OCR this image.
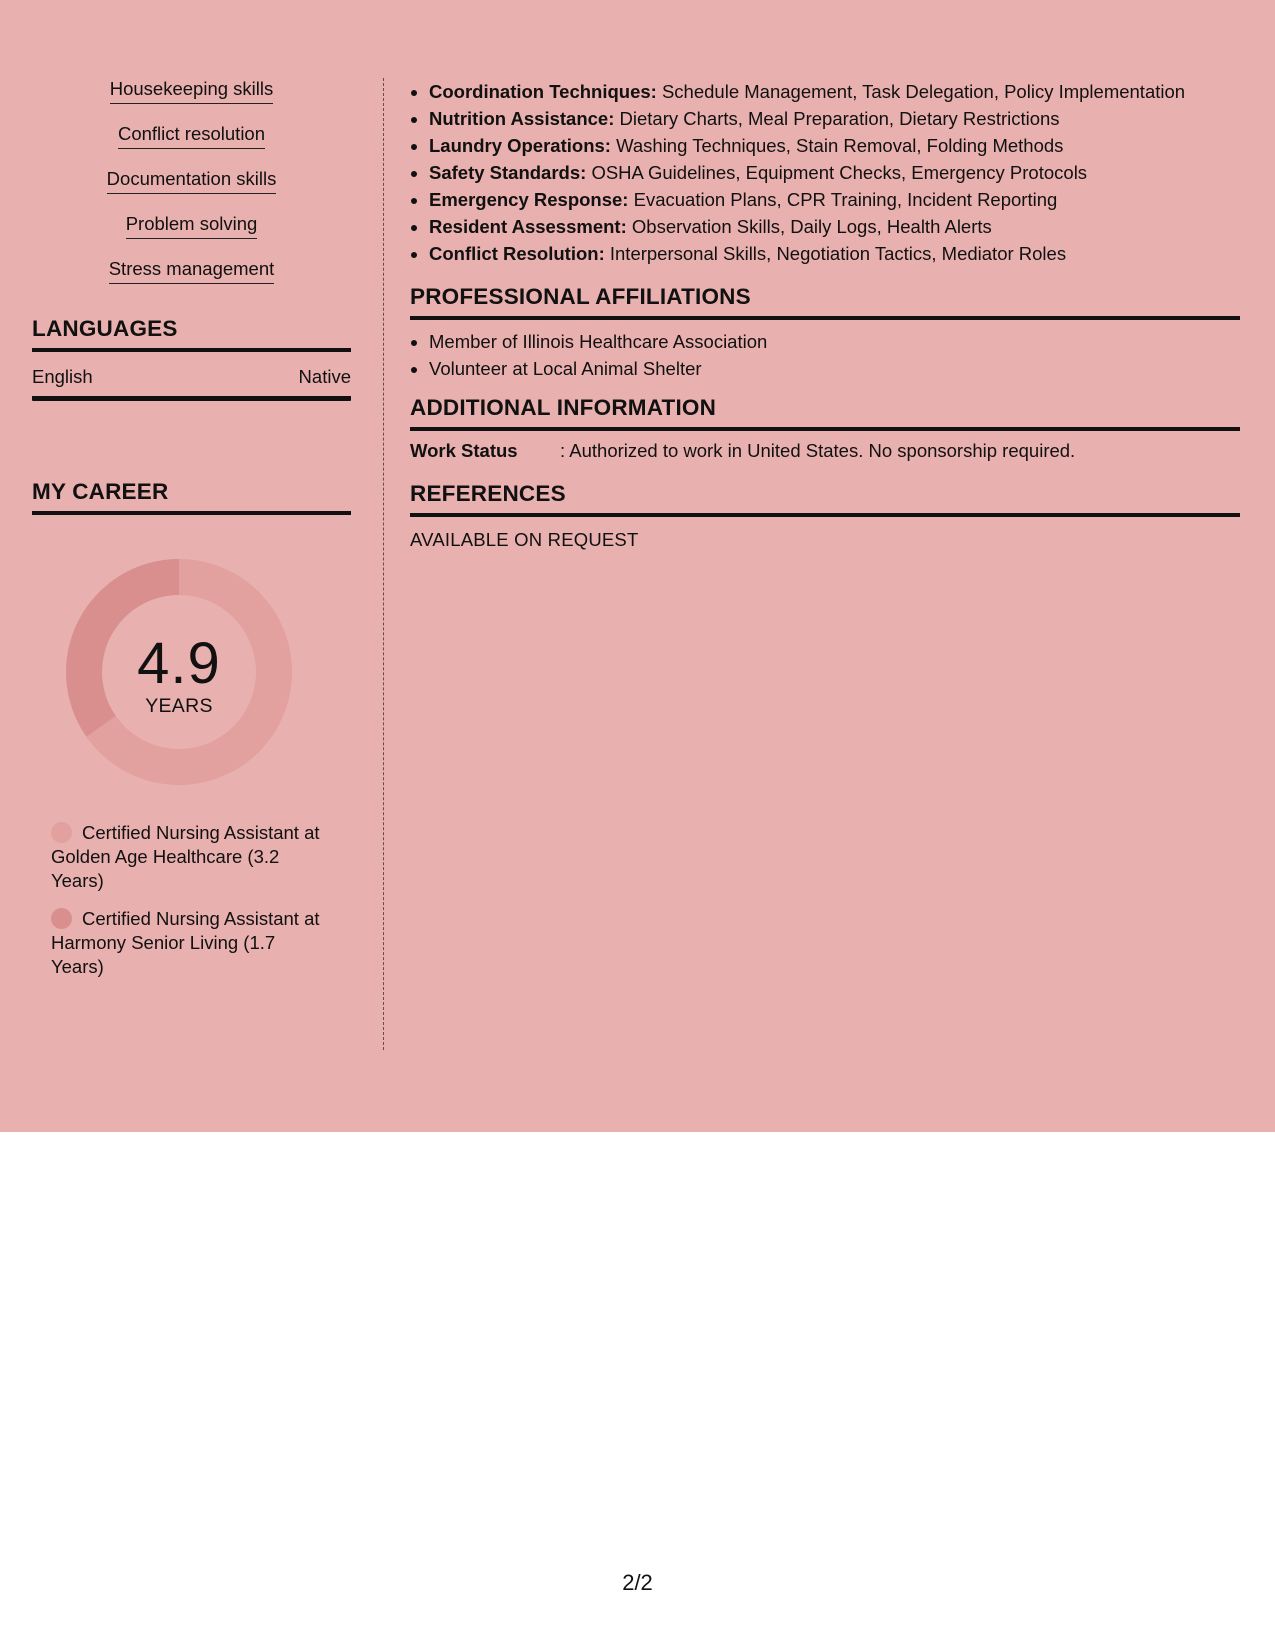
Housekeeping skills
Conflict resolution
Documentation skills
Problem solving
Stress management
LANGUAGES
English	Native
MY CAREER
4.9
YEARS
Certified Nursing Assistant at Golden Age Healthcare (3.2 Years)
Certified Nursing Assistant at Harmony Senior Living (1.7 Years)
• Coordination Techniques: Schedule Management, Task Delegation, Policy Implementation
• Nutrition Assistance: Dietary Charts, Meal Preparation, Dietary Restrictions
• Laundry Operations: Washing Techniques, Stain Removal, Folding Methods
• Safety Standards: OSHA Guidelines, Equipment Checks, Emergency Protocols
• Emergency Response: Evacuation Plans, CPR Training, Incident Reporting
• Resident Assessment: Observation Skills, Daily Logs, Health Alerts
• Conflict Resolution: Interpersonal Skills, Negotiation Tactics, Mediator Roles
PROFESSIONAL AFFILIATIONS
• Member of Illinois Healthcare Association
• Volunteer at Local Animal Shelter
ADDITIONAL INFORMATION
Work Status	: Authorized to work in United States. No sponsorship required.
REFERENCES
AVAILABLE ON REQUEST
2/2
